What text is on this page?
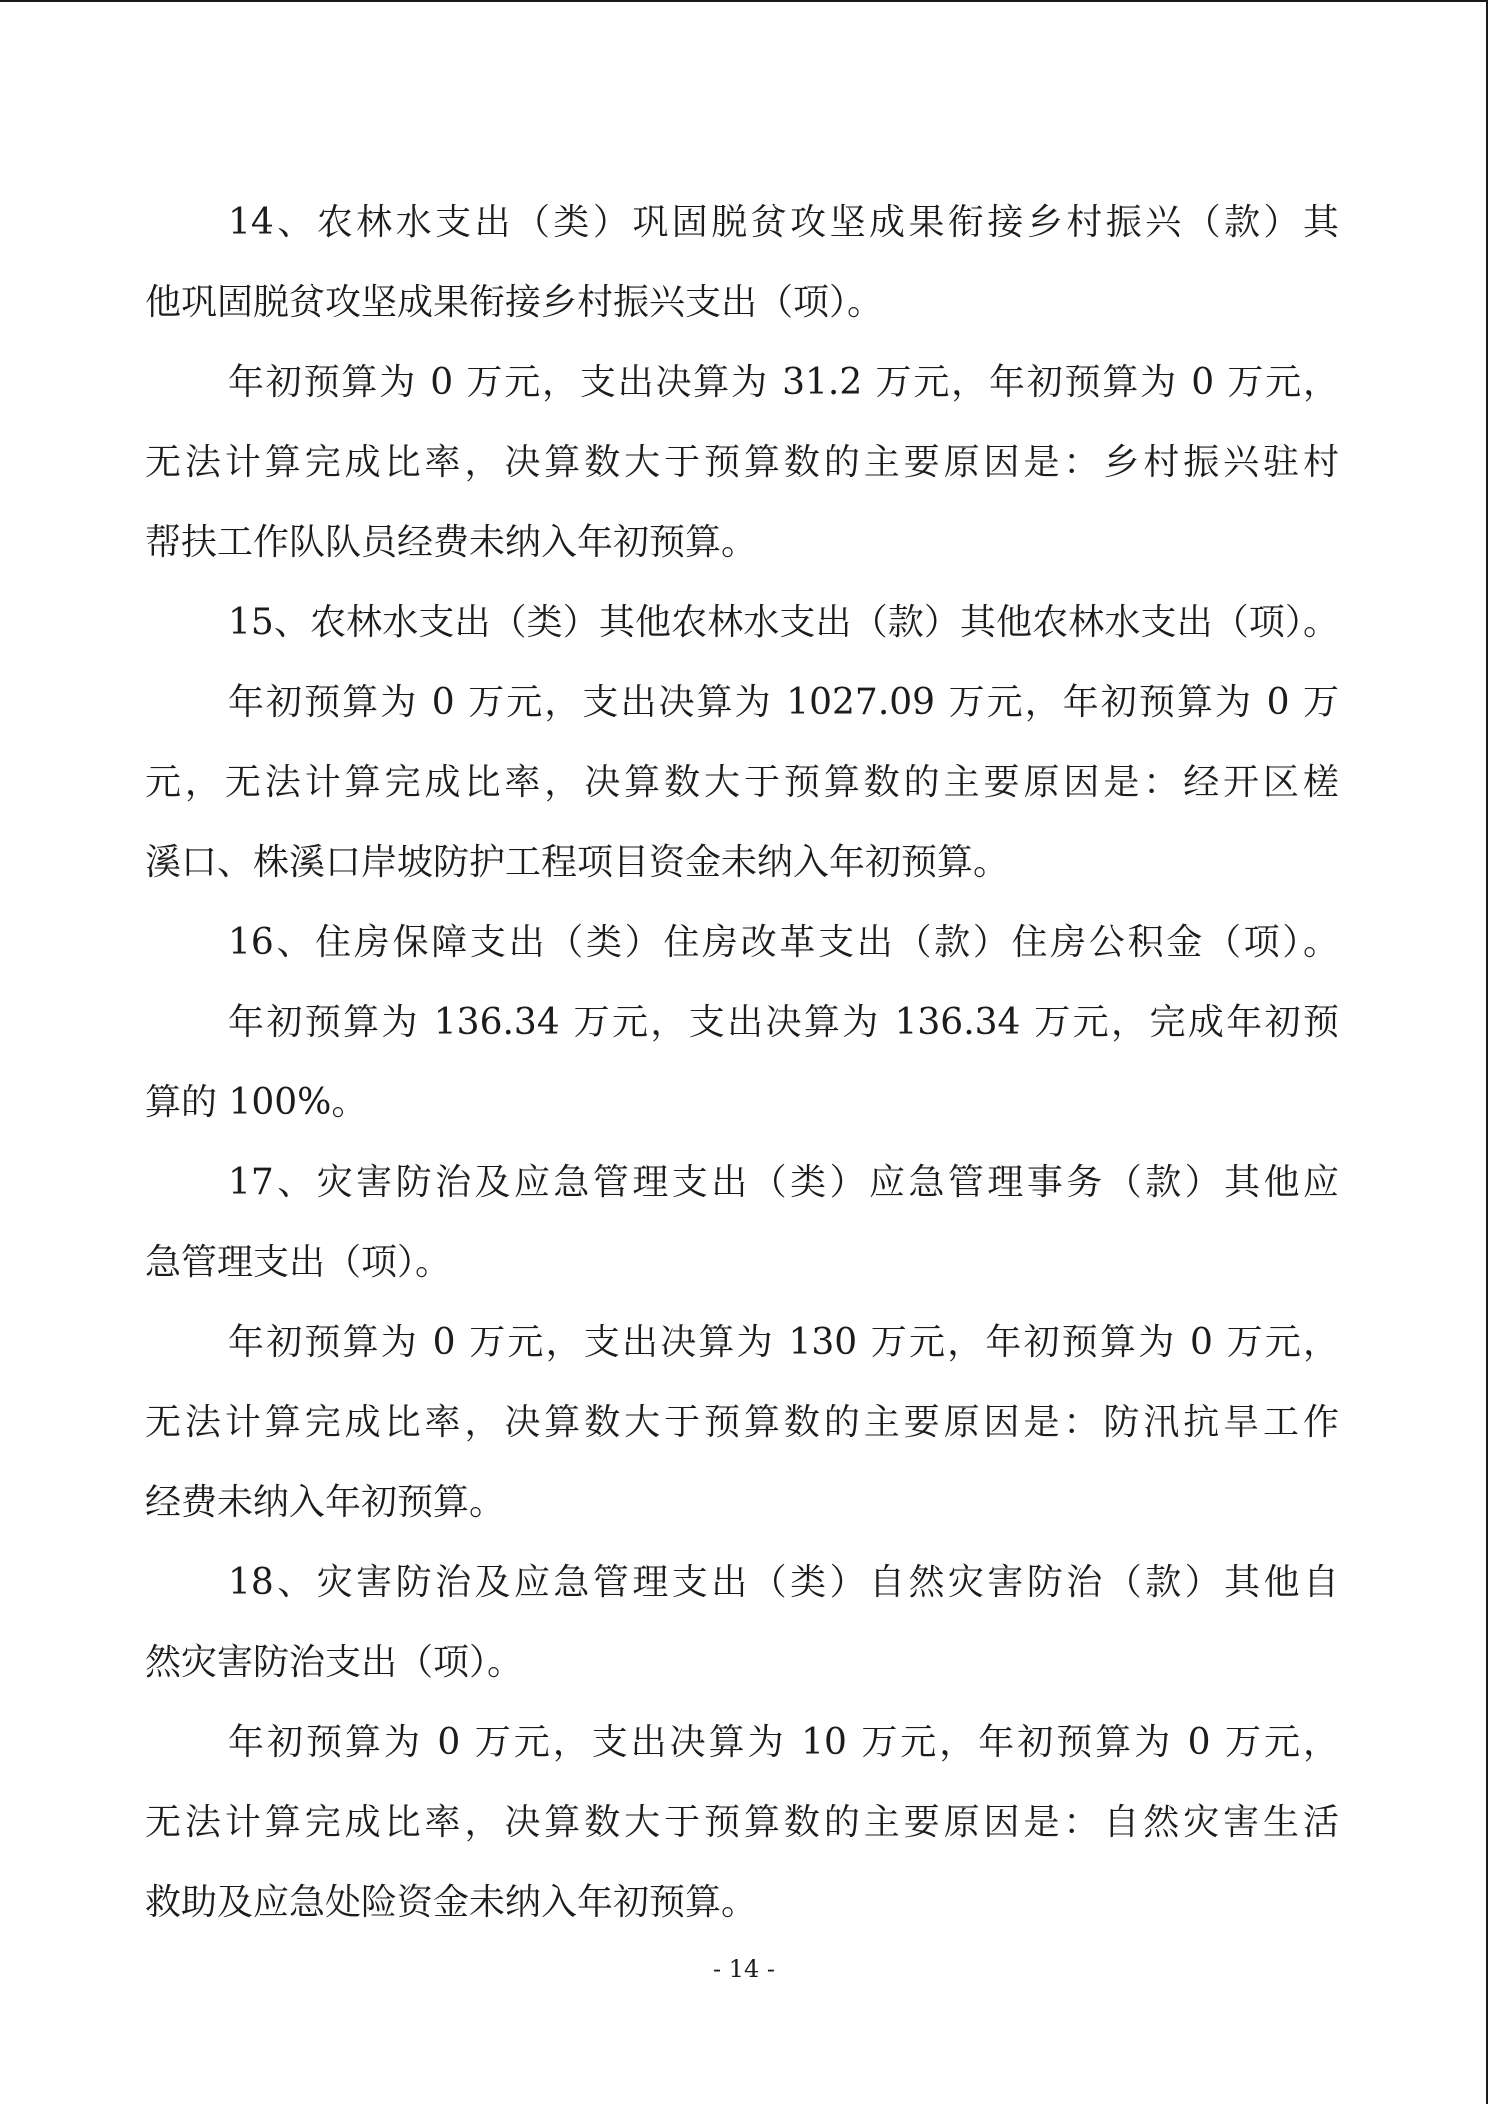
14、农林水支出（类）巩固脱贫攻坚成果衔接乡村振兴（款）其
他巩固脱贫攻坚成果衔接乡村振兴支出（项）。
年初预算为 0 万元，支出决算为 31.2 万元，年初预算为 0 万元，
无法计算完成比率，决算数大于预算数的主要原因是：乡村振兴驻村
帮扶工作队队员经费未纳入年初预算。
15、农林水支出（类）其他农林水支出（款）其他农林水支出（项）。
年初预算为 0 万元，支出决算为 1027.09 万元，年初预算为 0 万
元，无法计算完成比率，决算数大于预算数的主要原因是：经开区槎
溪口、株溪口岸坡防护工程项目资金未纳入年初预算。
16、住房保障支出（类）住房改革支出（款）住房公积金（项）。
年初预算为 136.34 万元，支出决算为 136.34 万元，完成年初预
算的 100%。
17、灾害防治及应急管理支出（类）应急管理事务（款）其他应
急管理支出（项）。
年初预算为 0 万元，支出决算为 130 万元，年初预算为 0 万元，
无法计算完成比率，决算数大于预算数的主要原因是：防汛抗旱工作
经费未纳入年初预算。
18、灾害防治及应急管理支出（类）自然灾害防治（款）其他自
然灾害防治支出（项）。
年初预算为 0 万元，支出决算为 10 万元，年初预算为 0 万元，
无法计算完成比率，决算数大于预算数的主要原因是：自然灾害生活
救助及应急处险资金未纳入年初预算。
- 14 -
